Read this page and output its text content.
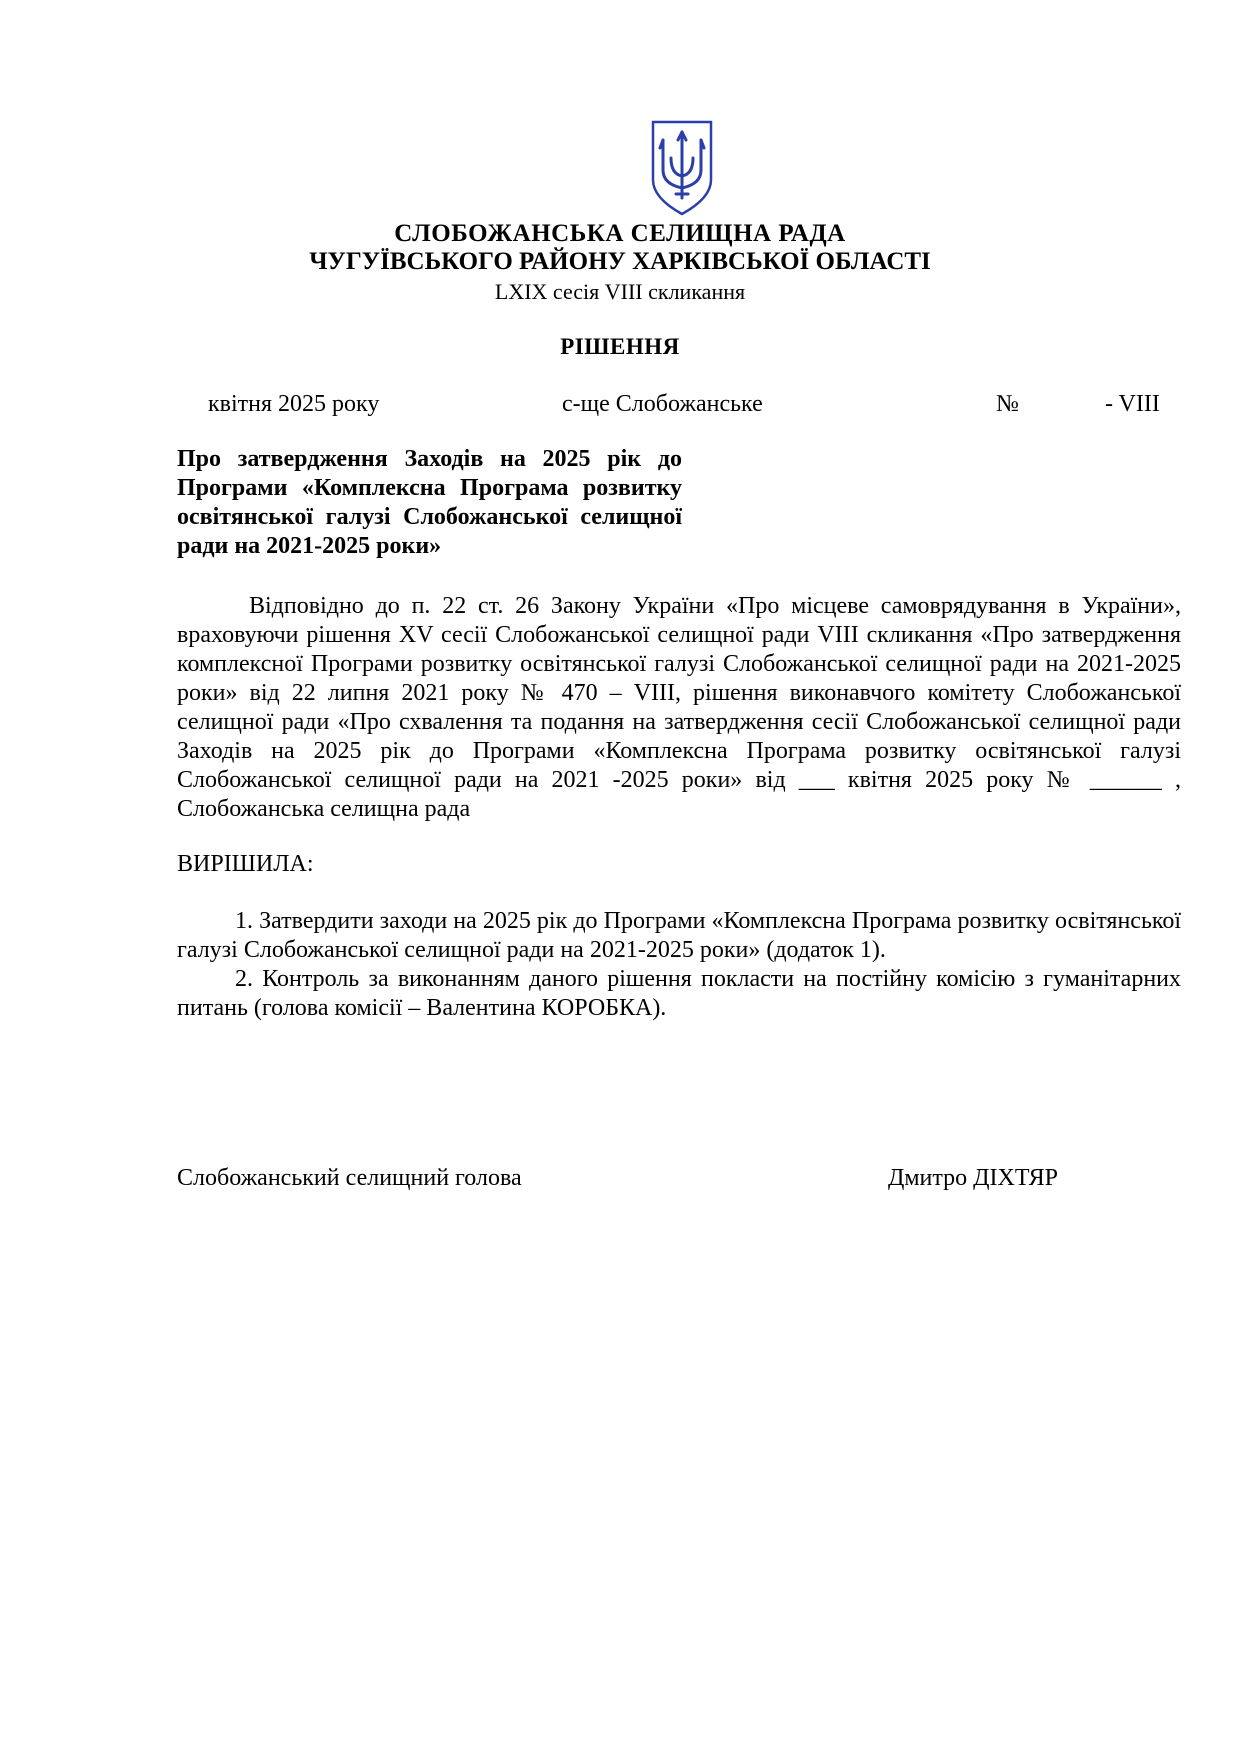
СЛОБОЖАНСЬКА СЕЛИЩНА РАДА
ЧУГУЇВСЬКОГО РАЙОНУ ХАРКІВСЬКОЇ ОБЛАСТІ
LXIX сесія VIII скликання
РІШЕННЯ
квітня 2025 року	с-ще Слобожанське	№	- VIII
Про затвердження Заходів на 2025 рік до Програми «Комплексна Програма розвитку освітянської галузі Слобожанської селищної ради на 2021-2025 роки»
Відповідно до п. 22 ст. 26 Закону України «Про місцеве самоврядування в України», враховуючи рішення XV сесії Слобожанської селищної ради VIII скликання «Про затвердження комплексної Програми розвитку освітянської галузі Слобожанської селищної ради на 2021-2025 роки» від 22 липня 2021 року № 470 – VIII, рішення виконавчого комітету Слобожанської селищної ради «Про схвалення та подання на затвердження сесії Слобожанської селищної ради Заходів на 2025 рік до Програми «Комплексна Програма розвитку освітянської галузі Слобожанської селищної ради на 2021 -2025 роки» від ___ квітня 2025 року № ______ , Слобожанська селищна рада
ВИРІШИЛА:
1. Затвердити заходи на 2025 рік до Програми «Комплексна Програма розвитку освітянської галузі Слобожанської селищної ради на 2021-2025 роки» (додаток 1).
2. Контроль за виконанням даного рішення покласти на постійну комісію з гуманітарних питань (голова комісії – Валентина КОРОБКА).
Слобожанський селищний голова	Дмитро ДІХТЯР
